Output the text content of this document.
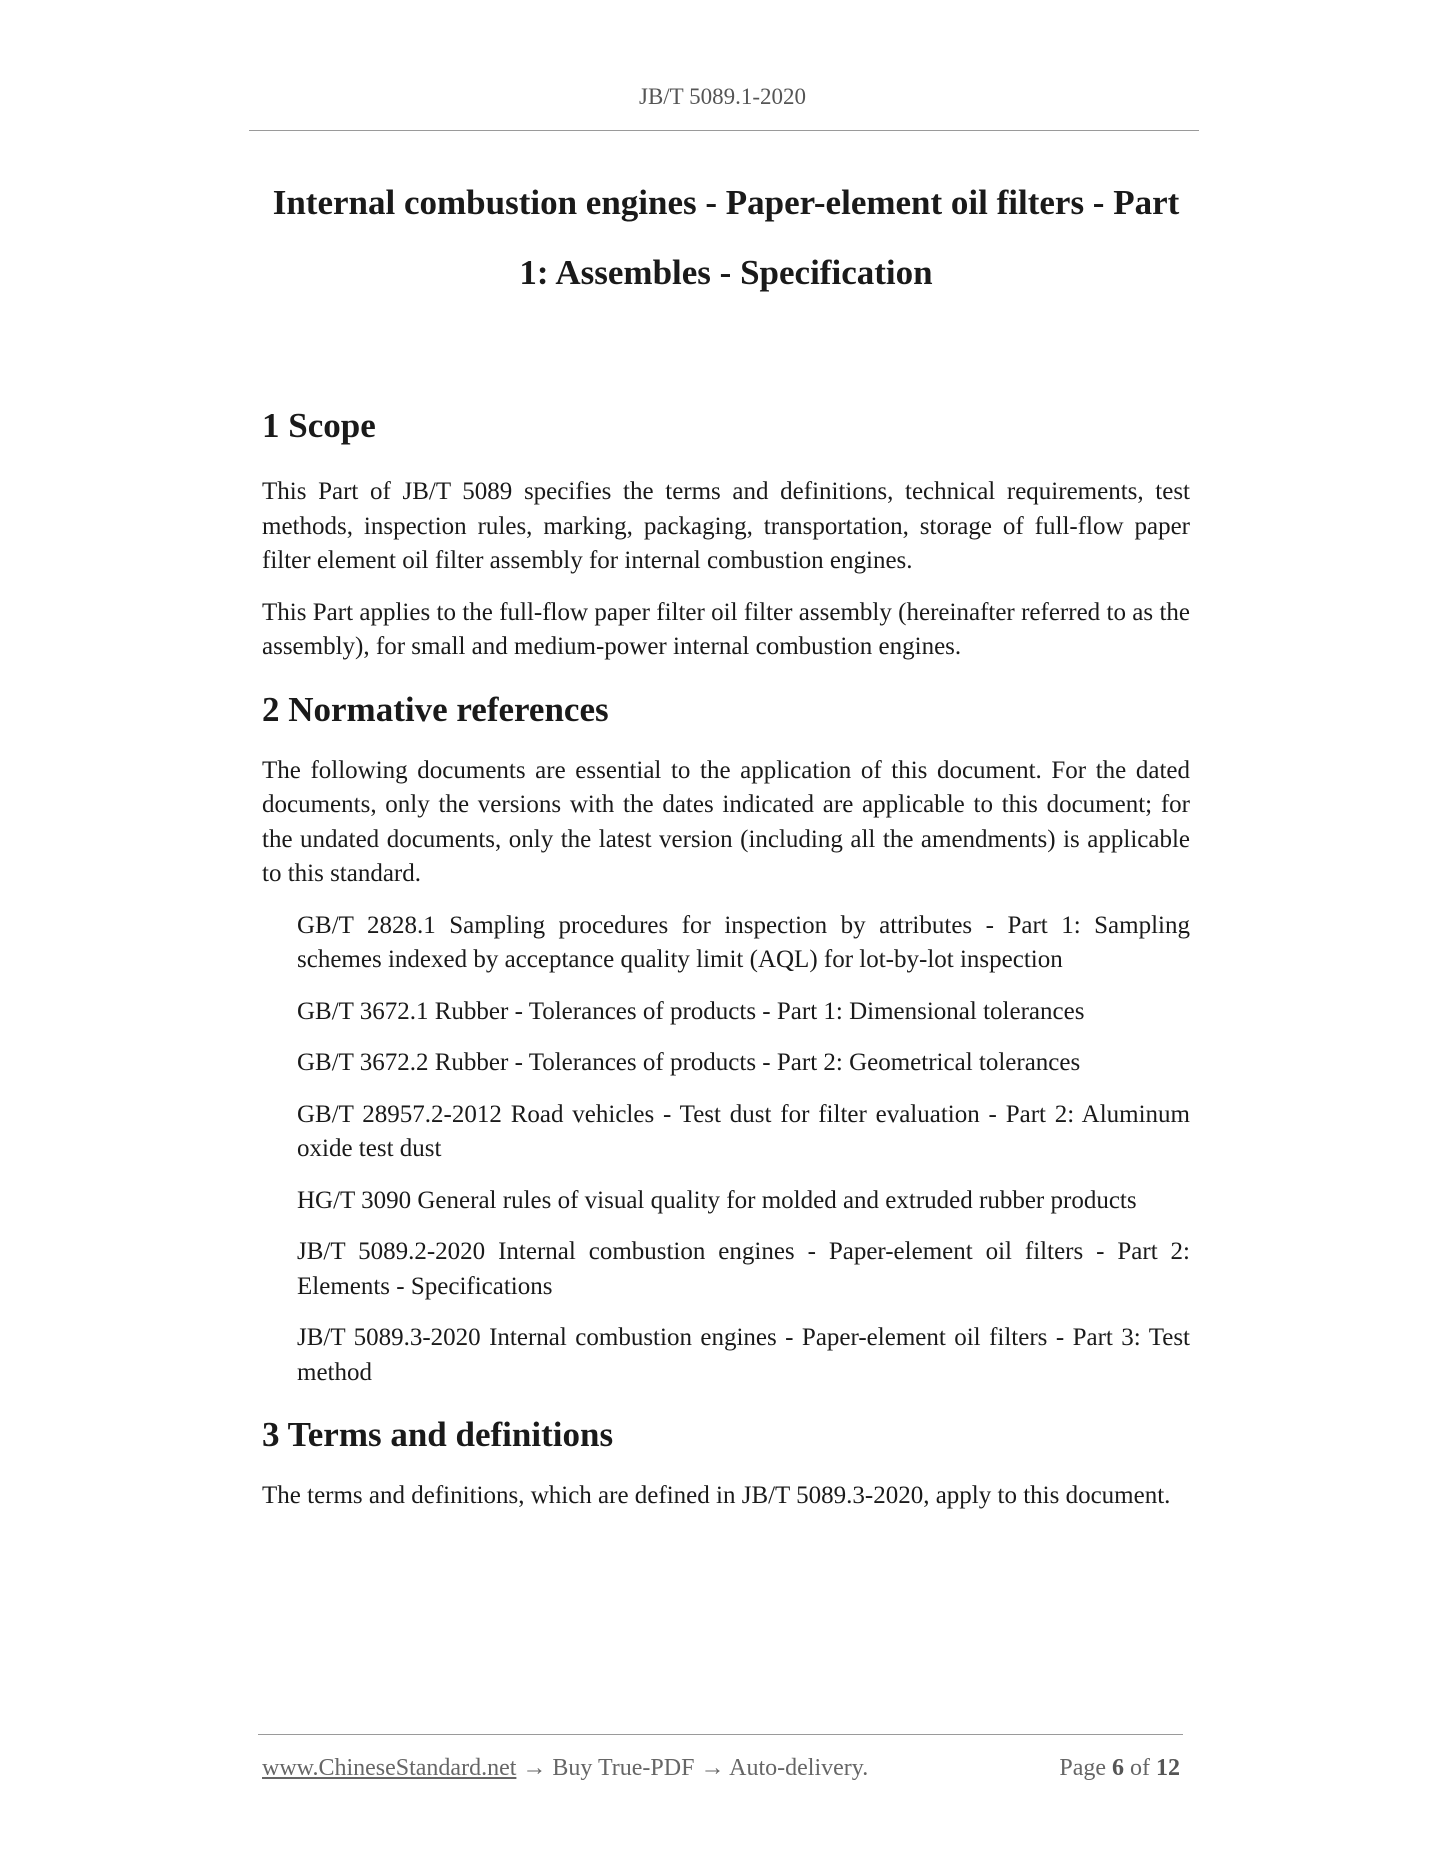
JB/T 5089.1-2020
Internal combustion engines - Paper-element oil filters - Part
1: Assembles - Specification
1 Scope

This Part of JB/T 5089 specifies the terms and definitions, technical requirements, test methods, inspection rules, marking, packaging, transportation, storage of full-flow paper filter element oil filter assembly for internal combustion engines.

This Part applies to the full-flow paper filter oil filter assembly (hereinafter referred to as the assembly), for small and medium-power internal combustion engines.

2 Normative references

The following documents are essential to the application of this document. For the dated documents, only the versions with the dates indicated are applicable to this document; for the undated documents, only the latest version (including all the amendments) is applicable to this standard.

GB/T 2828.1 Sampling procedures for inspection by attributes - Part 1: Sampling schemes indexed by acceptance quality limit (AQL) for lot-by-lot inspection

GB/T 3672.1 Rubber - Tolerances of products - Part 1: Dimensional tolerances

GB/T 3672.2 Rubber - Tolerances of products - Part 2: Geometrical tolerances

GB/T 28957.2-2012 Road vehicles - Test dust for filter evaluation - Part 2: Aluminum oxide test dust

HG/T 3090 General rules of visual quality for molded and extruded rubber products

JB/T 5089.2-2020 Internal combustion engines - Paper-element oil filters - Part 2: Elements - Specifications

JB/T 5089.3-2020 Internal combustion engines - Paper-element oil filters - Part 3: Test method

3 Terms and definitions

The terms and definitions, which are defined in JB/T 5089.3-2020, apply to this document.

www.ChineseStandard.net → Buy True-PDF → Auto-delivery.	Page 6 of 12
